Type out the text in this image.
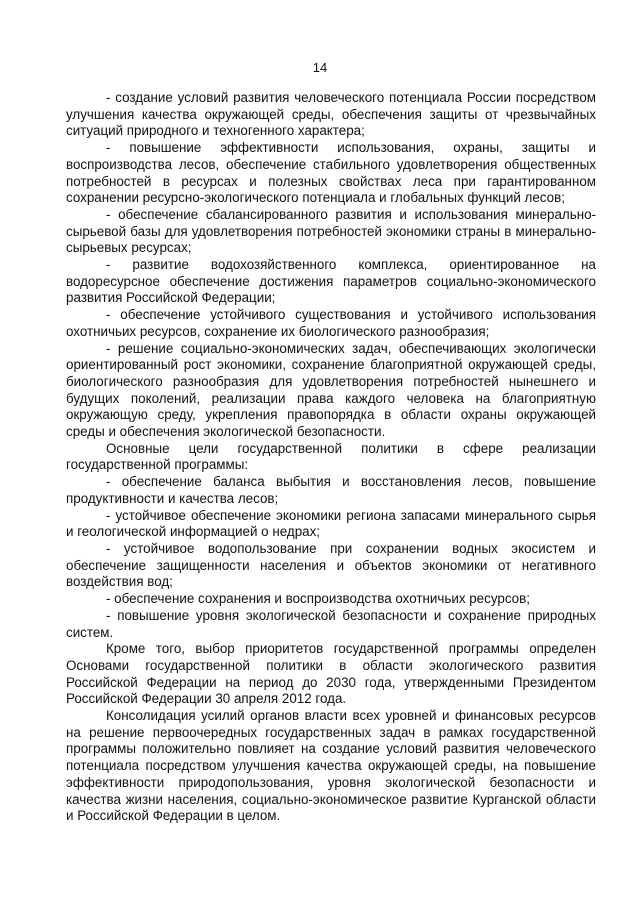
14

- создание условий развития человеческого потенциала России посредством улучшения качества окружающей среды, обеспечения защиты от чрезвычайных ситуаций природного и техногенного характера;

- повышение эффективности использования, охраны, защиты и воспроизводства лесов, обеспечение стабильного удовлетворения общественных потребностей в ресурсах и полезных свойствах леса при гарантированном сохранении ресурсно-экологического потенциала и глобальных функций лесов;

- обеспечение сбалансированного развития и использования минерально-сырьевой базы для удовлетворения потребностей экономики страны в минерально-сырьевых ресурсах;

- развитие водохозяйственного комплекса, ориентированное на водоресурсное обеспечение достижения параметров социально-экономического развития Российской Федерации;

- обеспечение устойчивого существования и устойчивого использования охотничьих ресурсов, сохранение их биологического разнообразия;

- решение социально-экономических задач, обеспечивающих экологически ориентированный рост экономики, сохранение благоприятной окружающей среды, биологического разнообразия для удовлетворения потребностей нынешнего и будущих поколений, реализации права каждого человека на благоприятную окружающую среду, укрепления правопорядка в области охраны окружающей среды и обеспечения экологической безопасности.

Основные цели государственной политики в сфере реализации государственной программы:

- обеспечение баланса выбытия и восстановления лесов, повышение продуктивности и качества лесов;

- устойчивое обеспечение экономики региона запасами минерального сырья и геологической информацией о недрах;

- устойчивое водопользование при сохранении водных экосистем и обеспечение защищенности населения и объектов экономики от негативного воздействия вод;

- обеспечение сохранения и воспроизводства охотничьих ресурсов;

- повышение уровня экологической безопасности и сохранение природных систем.

Кроме того, выбор приоритетов государственной программы определен Основами государственной политики в области экологического развития Российской Федерации на период до 2030 года, утвержденными Президентом Российской Федерации 30 апреля 2012 года.

Консолидация усилий органов власти всех уровней и финансовых ресурсов на решение первоочередных государственных задач в рамках государственной программы положительно повлияет на создание условий развития человеческого потенциала посредством улучшения качества окружающей среды, на повышение эффективности природопользования, уровня экологической безопасности и качества жизни населения, социально-экономическое развитие Курганской области и Российской Федерации в целом.
